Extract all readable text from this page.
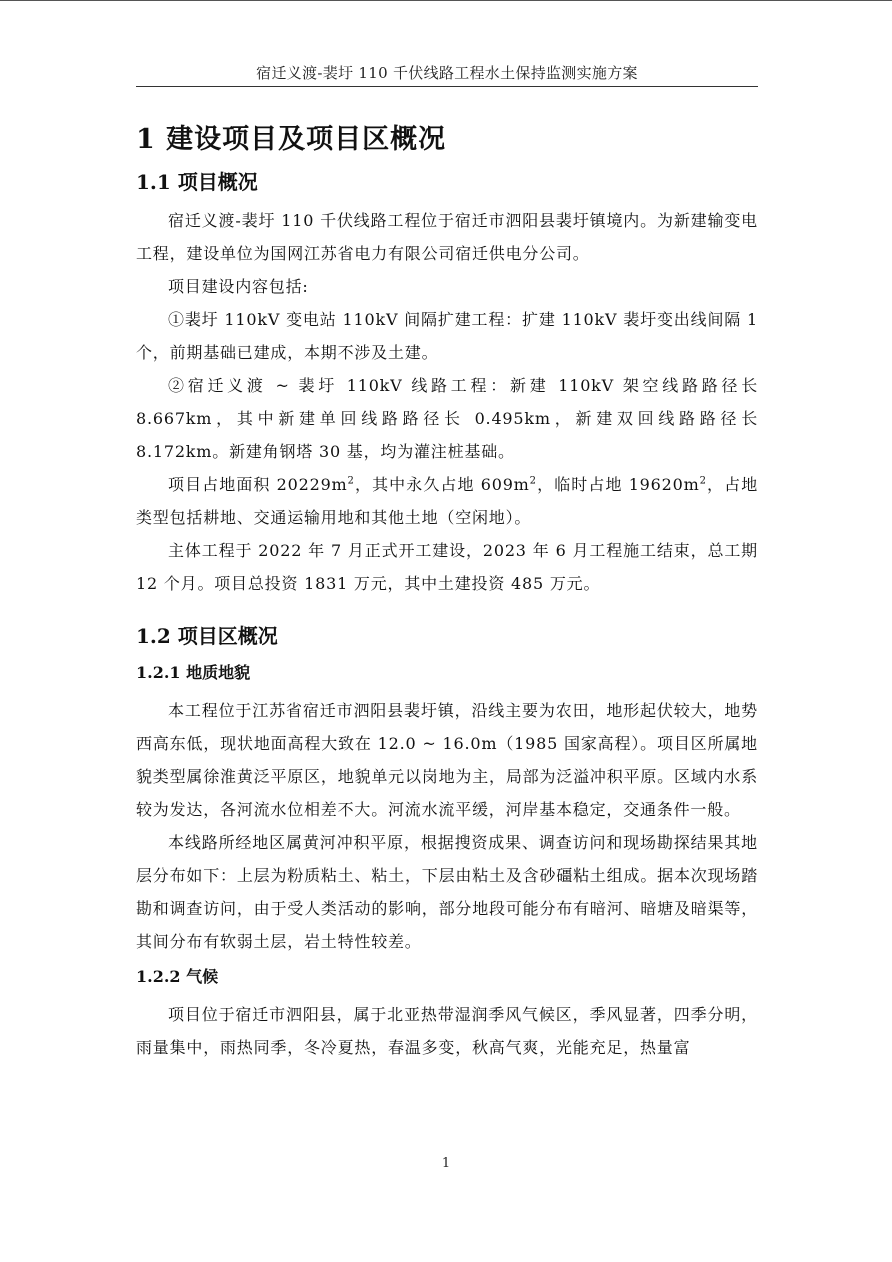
宿迁义渡-裴圩 110 千伏线路工程水土保持监测实施方案
1 建设项目及项目区概况
1.1 项目概况

宿迁义渡-裴圩 110 千伏线路工程位于宿迁市泗阳县裴圩镇境内。为新建输变电工程，建设单位为国网江苏省电力有限公司宿迁供电分公司。

项目建设内容包括:

①裴圩 110kV 变电站 110kV 间隔扩建工程：扩建 110kV 裴圩变出线间隔 1 个，前期基础已建成，本期不涉及土建。

②宿迁义渡 ~ 裴圩 110kV 线路工程：新建 110kV 架空线路路径长 8.667km，其中新建单回线路路径长 0.495km，新建双回线路路径长 8.172km。新建角钢塔 30 基，均为灌注桩基础。

项目占地面积 $20229m^2$，其中永久占地 $609m^2$，临时占地 $19620m^2$，占地类型包括耕地、交通运输用地和其他土地（空闲地）。

主体工程于 2022 年 7 月正式开工建设，2023 年 6 月工程施工结束，总工期 12 个月。项目总投资 1831 万元，其中土建投资 485 万元。

1.2 项目区概况
1.2.1 地质地貌

本工程位于江苏省宿迁市泗阳县裴圩镇，沿线主要为农田，地形起伏较大，地势西高东低，现状地面高程大致在 12.0 ~ 16.0m（1985 国家高程）。项目区所属地貌类型属徐淮黄泛平原区，地貌单元以岗地为主，局部为泛溢冲积平原。区域内水系较为发达，各河流水位相差不大。河流水流平缓，河岸基本稳定，交通条件一般。

本线路所经地区属黄河冲积平原，根据搜资成果、调查访问和现场勘探结果其地层分布如下：上层为粉质粘土、粘土，下层由粘土及含砂礓粘土组成。据本次现场踏勘和调查访问，由于受人类活动的影响，部分地段可能分布有暗河、暗塘及暗渠等，其间分布有软弱土层，岩土特性较差。

1.2.2 气候

项目位于宿迁市泗阳县，属于北亚热带湿润季风气候区，季风显著，四季分明，雨量集中，雨热同季，冬冷夏热，春温多变，秋高气爽，光能充足，热量富

1
